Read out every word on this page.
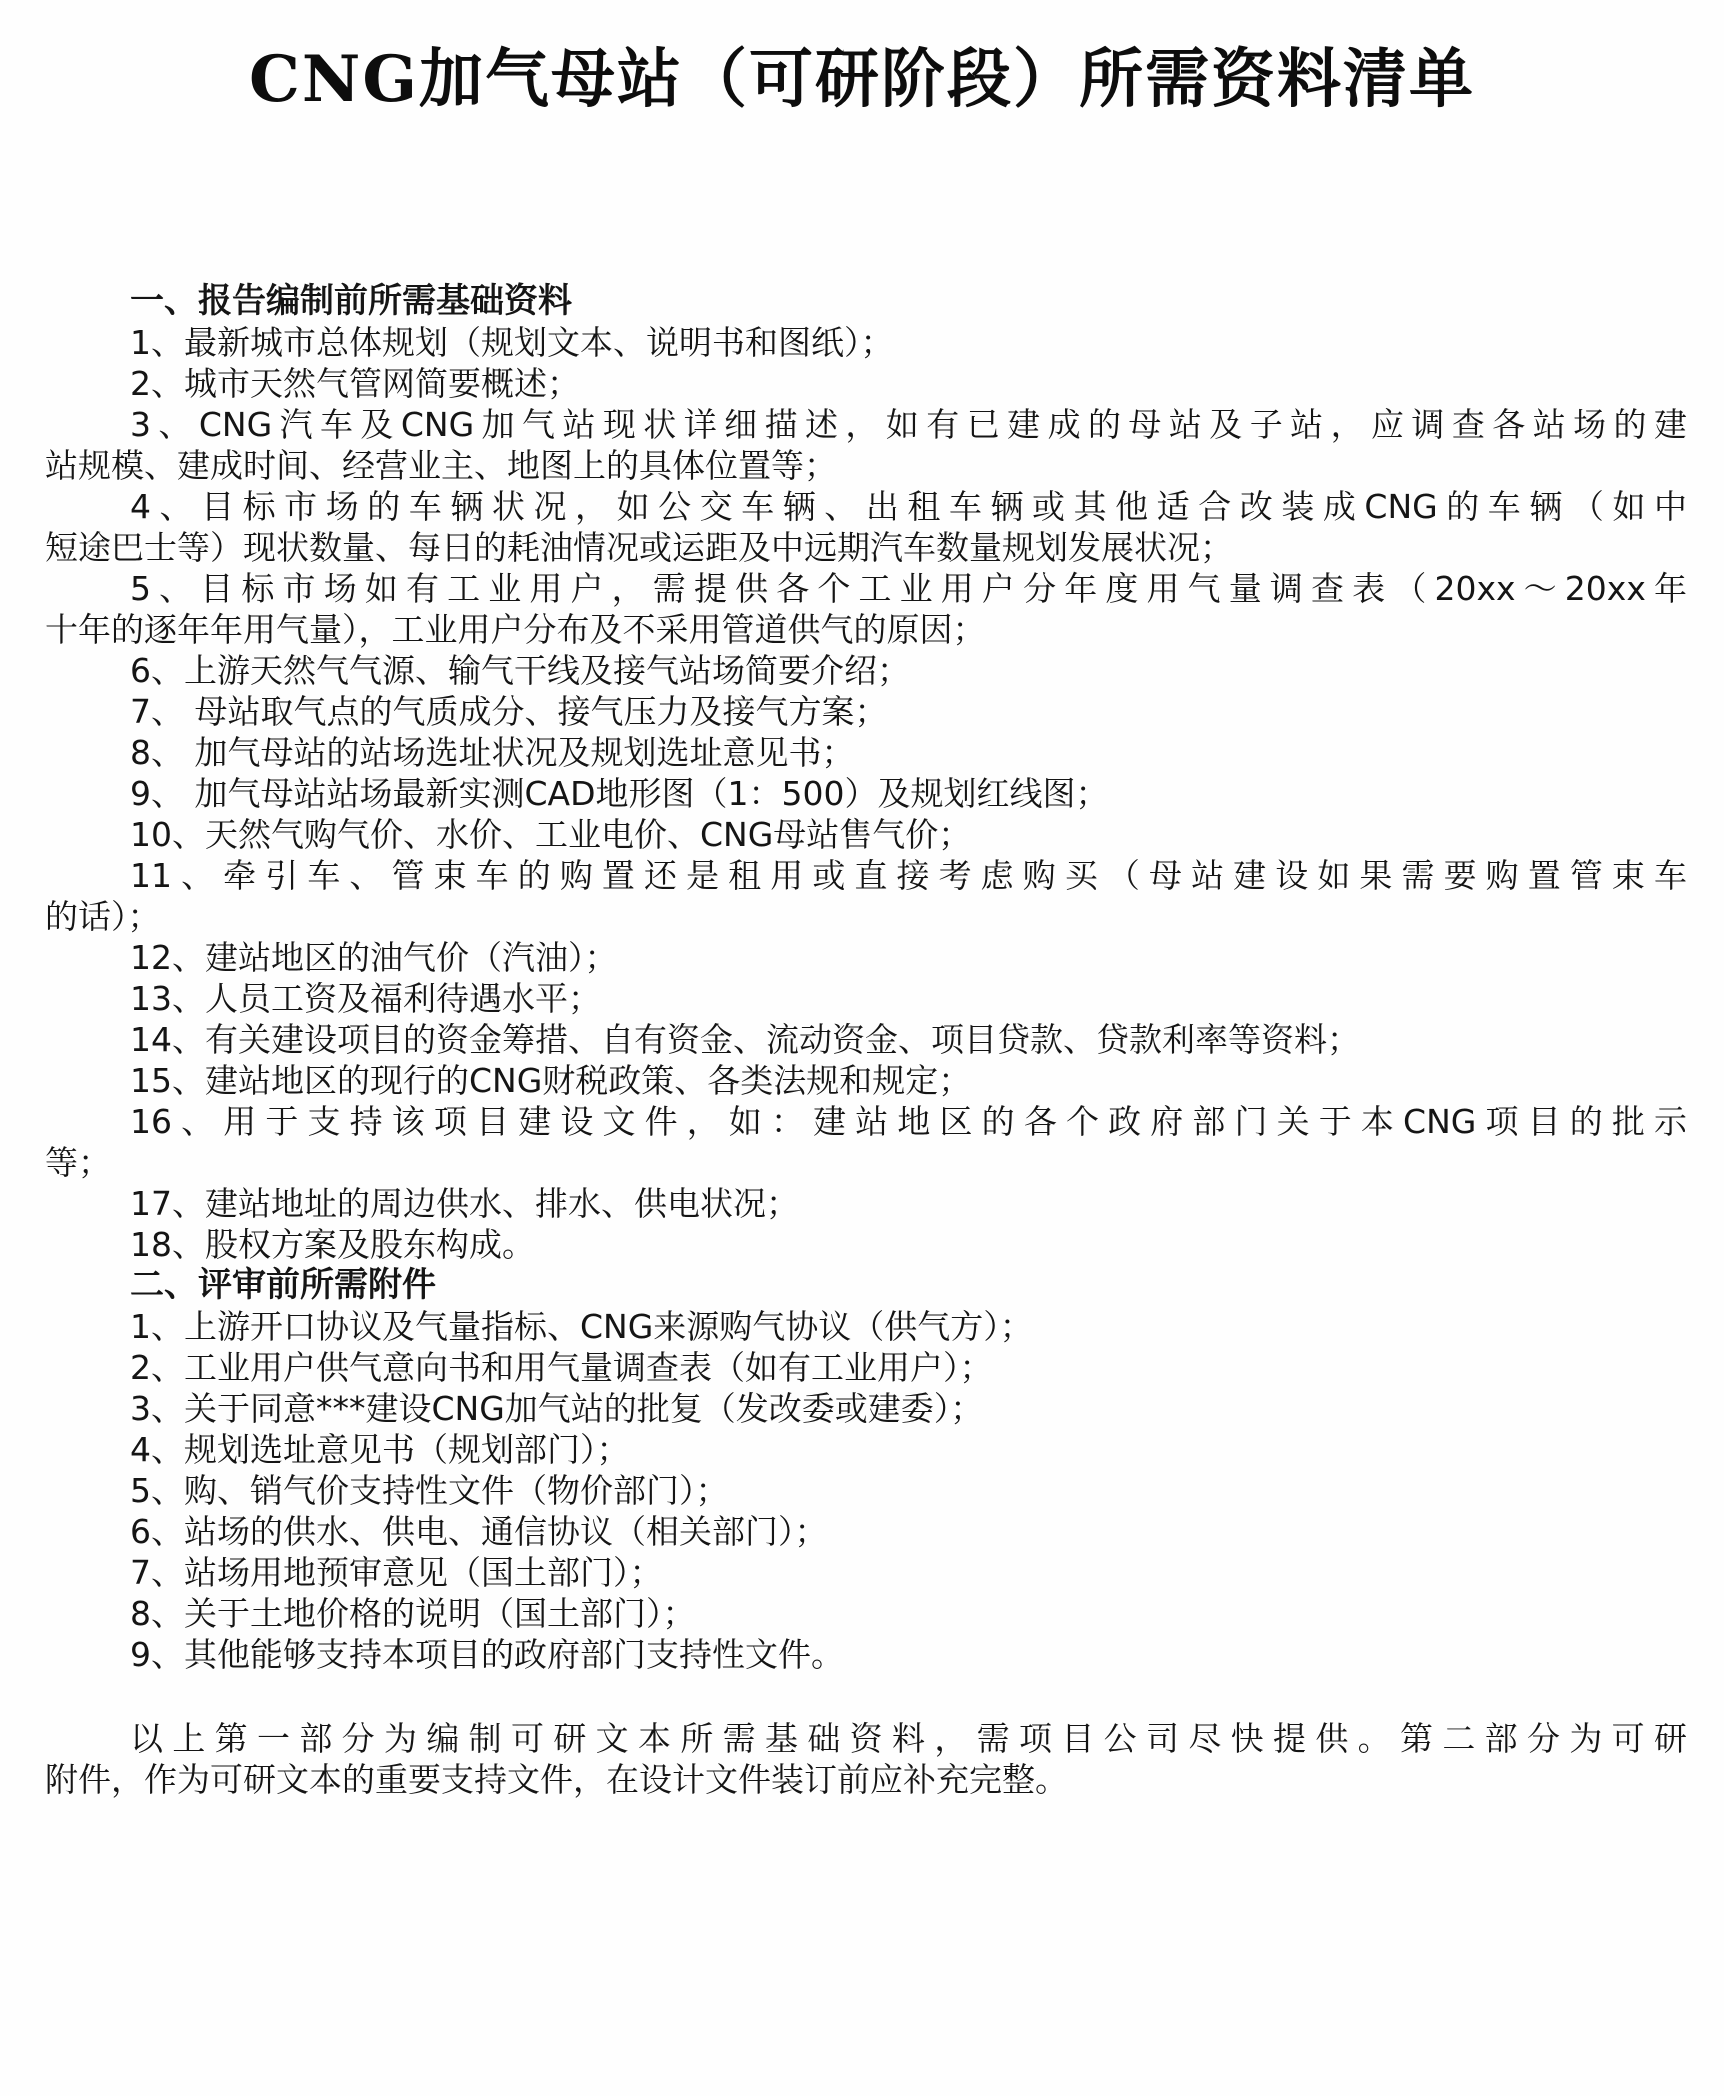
CNG加气母站（可研阶段）所需资料清单
一、报告编制前所需基础资料
1、最新城市总体规划（规划文本、说明书和图纸）；
2、城市天然气管网简要概述；
3、CNG汽车及CNG加气站现状详细描述，如有已建成的母站及子站，应调查各站场的建
站规模、建成时间、经营业主、地图上的具体位置等；
4、目标市场的车辆状况，如公交车辆、出租车辆或其他适合改装成CNG的车辆（如中
短途巴士等）现状数量、每日的耗油情况或运距及中远期汽车数量规划发展状况；
5、目标市场如有工业用户，需提供各个工业用户分年度用气量调查表（20xx～20xx年
十年的逐年年用气量），工业用户分布及不采用管道供气的原因；
6、上游天然气气源、输气干线及接气站场简要介绍；
7、 母站取气点的气质成分、接气压力及接气方案；
8、 加气母站的站场选址状况及规划选址意见书；
9、 加气母站站场最新实测CAD地形图（1：500）及规划红线图；
10、天然气购气价、水价、工业电价、CNG母站售气价；
11、牵引车、管束车的购置还是租用或直接考虑购买（母站建设如果需要购置管束车
的话）；
12、建站地区的油气价（汽油）；
13、人员工资及福利待遇水平；
14、有关建设项目的资金筹措、自有资金、流动资金、项目贷款、贷款利率等资料；
15、建站地区的现行的CNG财税政策、各类法规和规定；
16、用于支持该项目建设文件，如：建站地区的各个政府部门关于本CNG项目的批示
等；
17、建站地址的周边供水、排水、供电状况；
18、股权方案及股东构成。
二、评审前所需附件
1、上游开口协议及气量指标、CNG来源购气协议（供气方）；
2、工业用户供气意向书和用气量调查表（如有工业用户）；
3、关于同意***建设CNG加气站的批复（发改委或建委）；
4、规划选址意见书（规划部门）；
5、购、销气价支持性文件（物价部门）；
6、站场的供水、供电、通信协议（相关部门）；
7、站场用地预审意见（国土部门）；
8、关于土地价格的说明（国土部门）；
9、其他能够支持本项目的政府部门支持性文件。
以上第一部分为编制可研文本所需基础资料，需项目公司尽快提供。第二部分为可研
附件，作为可研文本的重要支持文件，在设计文件装订前应补充完整。
